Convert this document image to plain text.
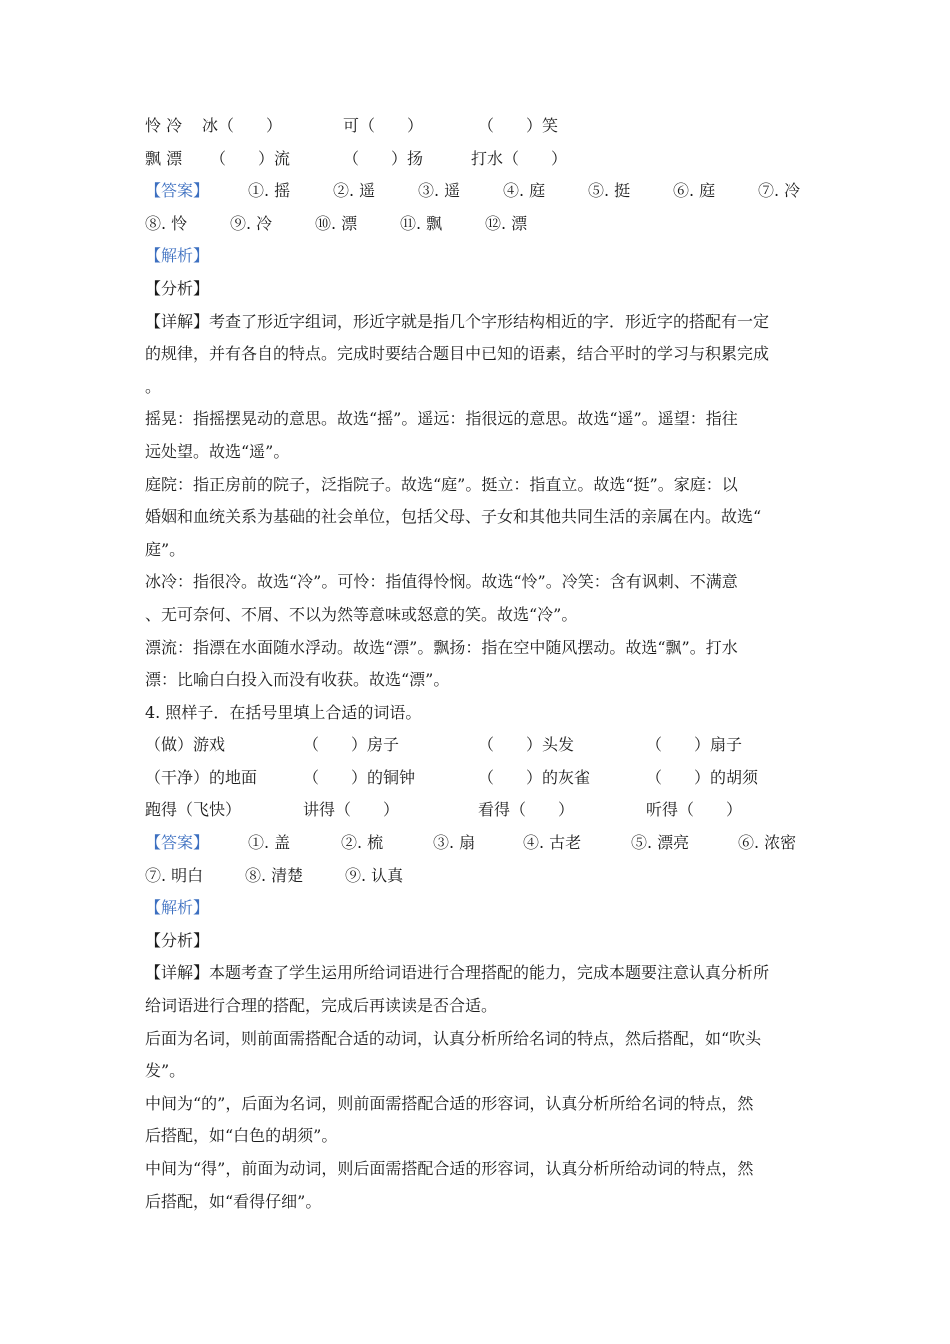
怜 冷 冰（　　）	可（　　）	（　　）笑
飘 漂 （　　）流	（　　）扬	打水（　　）
【答案】 ①. 摇	②. 遥	③. 遥	④. 庭	⑤. 挺	⑥. 庭	⑦. 冷
⑧. 怜	⑨. 冷	⑩. 漂	⑪. 飘	⑫. 漂
【解析】
【分析】
【详解】考查了形近字组词，形近字就是指几个字形结构相近的字．形近字的搭配有一定
的规律，并有各自的特点。完成时要结合题目中已知的语素，结合平时的学习与积累完成
。
摇晃：指摇摆晃动的意思。故选“摇”。遥远：指很远的意思。故选“遥”。遥望：指往
远处望。故选“遥”。
庭院：指正房前的院子，泛指院子。故选“庭”。挺立：指直立。故选“挺”。家庭：以
婚姻和血统关系为基础的社会单位，包括父母、子女和其他共同生活的亲属在内。故选“
庭”。
冰冷：指很冷。故选“冷”。可怜：指值得怜悯。故选“怜”。冷笑：含有讽刺、不满意
、无可奈何、不屑、不以为然等意味或怒意的笑。故选“冷”。
漂流：指漂在水面随水浮动。故选“漂”。飘扬：指在空中随风摆动。故选“飘”。打水
漂：比喻白白投入而没有收获。故选“漂”。
4. 照样子．在括号里填上合适的词语。
（做）游戏	（　　）房子	（　　）头发	（　　）扇子
（干净）的地面	（　　）的铜钟	（　　）的灰雀	（　　）的胡须
跑得（飞快）	讲得（　　）	看得（　　）	听得（　　）
【答案】 ①. 盖	②. 梳	③. 扇	④. 古老	⑤. 漂亮	⑥. 浓密
⑦. 明白	⑧. 清楚	⑨. 认真
【解析】
【分析】
【详解】本题考查了学生运用所给词语进行合理搭配的能力，完成本题要注意认真分析所
给词语进行合理的搭配，完成后再读读是否合适。
后面为名词，则前面需搭配合适的动词，认真分析所给名词的特点，然后搭配，如“吹头
发”。
中间为“的”，后面为名词，则前面需搭配合适的形容词，认真分析所给名词的特点，然
后搭配，如“白色的胡须”。
中间为“得”，前面为动词，则后面需搭配合适的形容词，认真分析所给动词的特点，然
后搭配，如“看得仔细”。
